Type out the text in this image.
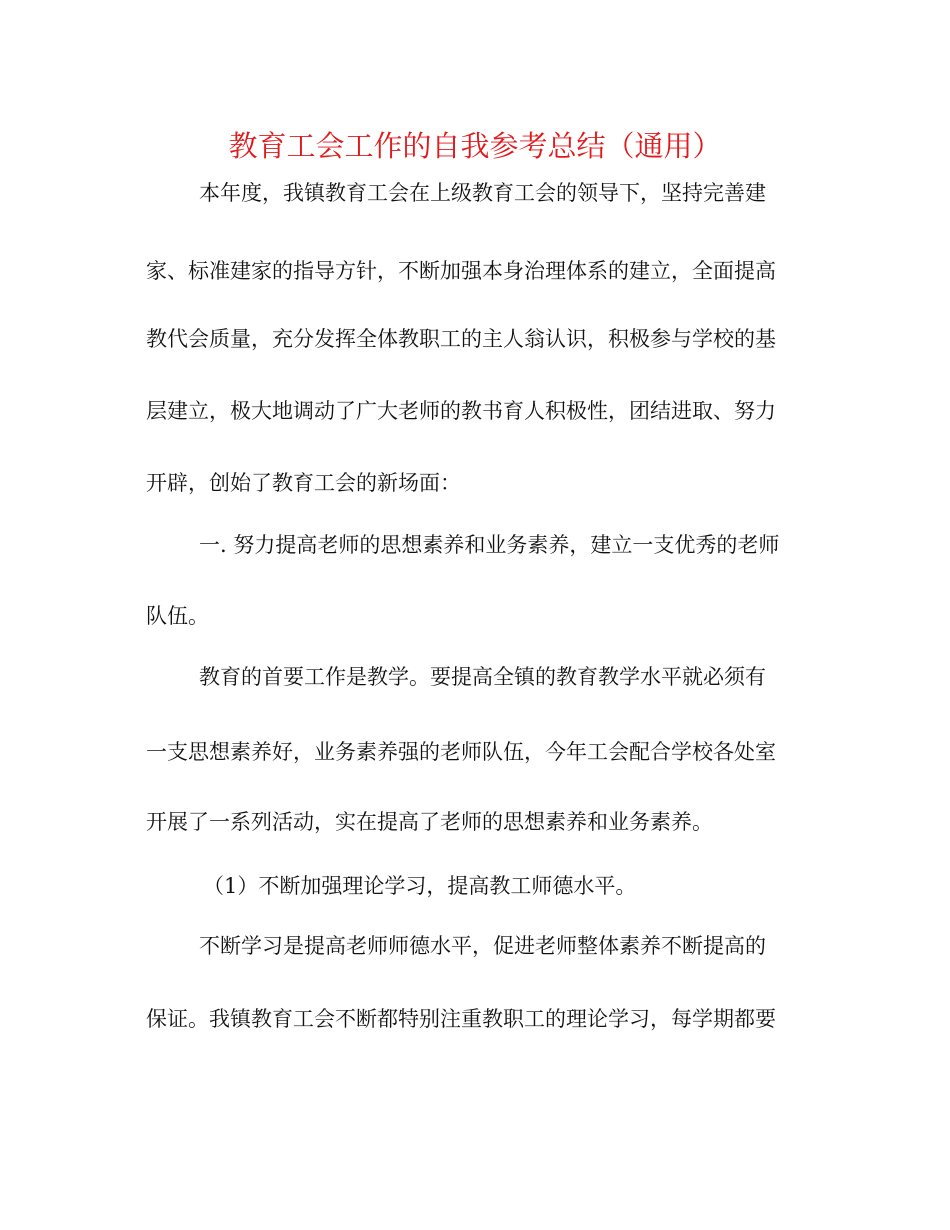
教育工会工作的自我参考总结（通用）
本年度，我镇教育工会在上级教育工会的领导下，坚持完善建
家、标准建家的指导方针，不断加强本身治理体系的建立，全面提高
教代会质量，充分发挥全体教职工的主人翁认识，积极参与学校的基
层建立，极大地调动了广大老师的教书育人积极性，团结进取、努力
开辟，创始了教育工会的新场面：
一. 努力提高老师的思想素养和业务素养，建立一支优秀的老师
队伍。
教育的首要工作是教学。要提高全镇的教育教学水平就必须有
一支思想素养好，业务素养强的老师队伍，今年工会配合学校各处室
开展了一系列活动，实在提高了老师的思想素养和业务素养。
（1）不断加强理论学习，提高教工师德水平。
不断学习是提高老师师德水平，促进老师整体素养不断提高的
保证。我镇教育工会不断都特别注重教职工的理论学习，每学期都要
